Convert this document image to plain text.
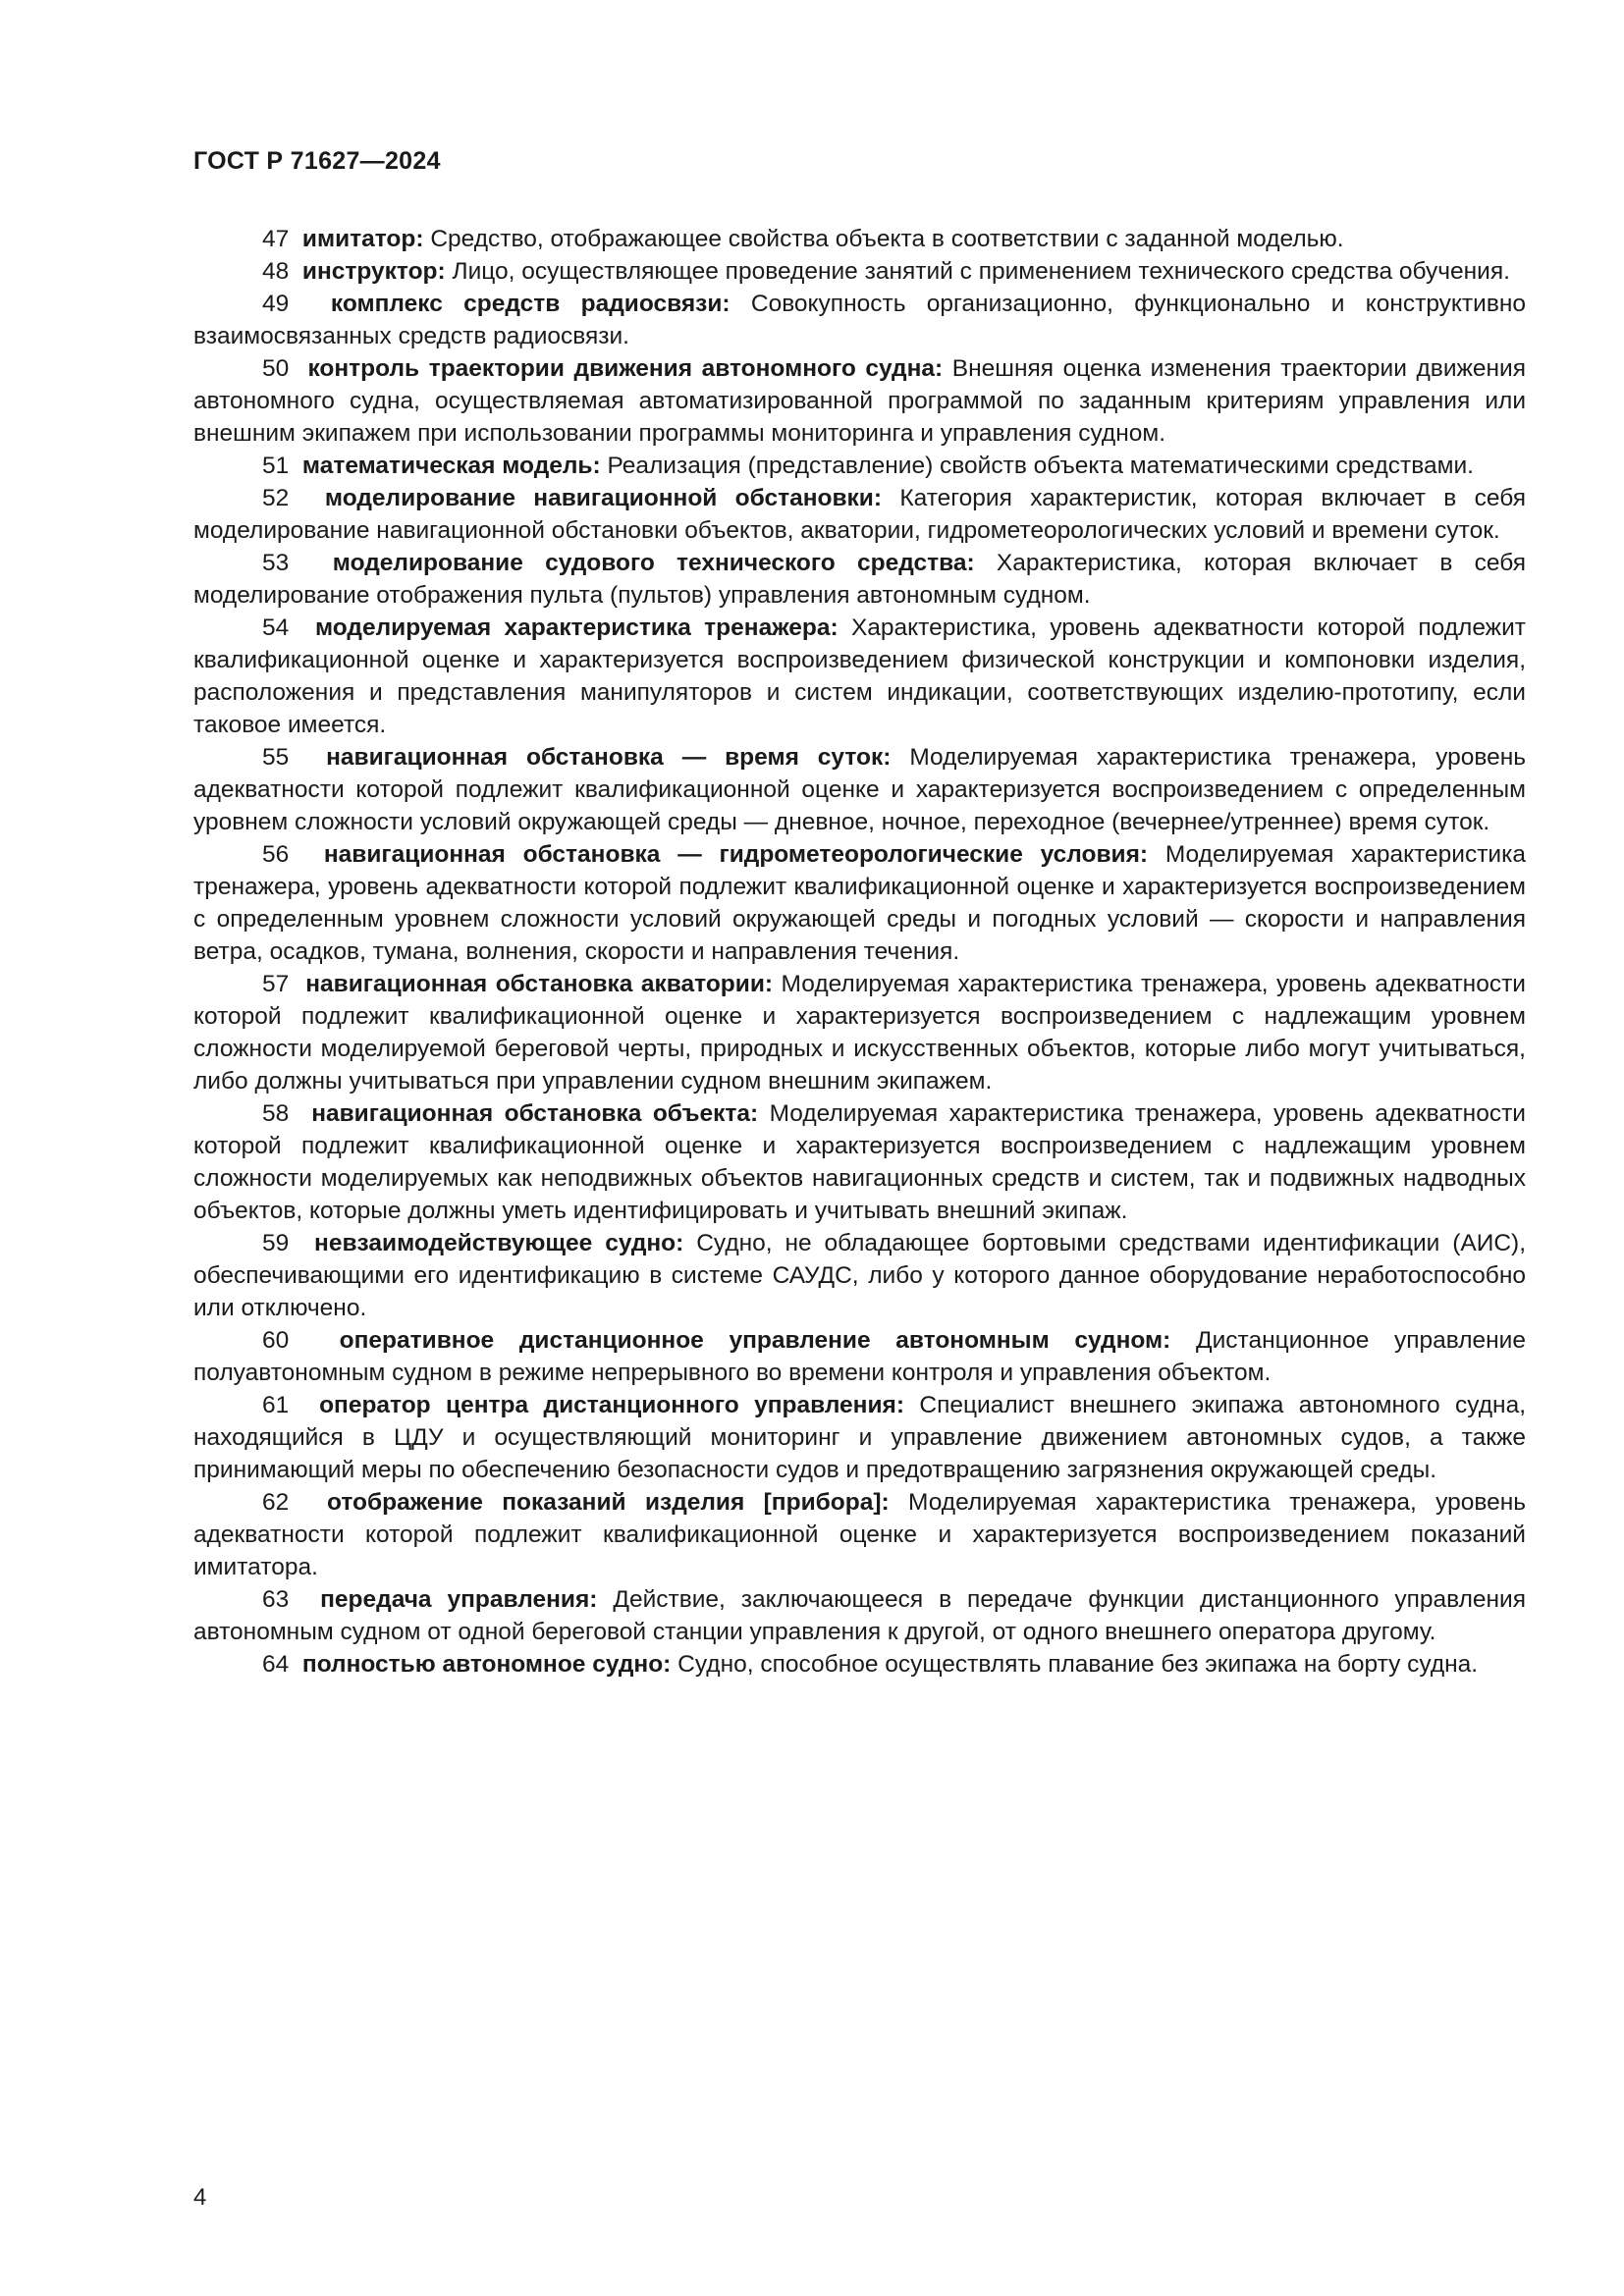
ГОСТ Р 71627—2024

47 имитатор: Средство, отображающее свойства объекта в соответствии с заданной моделью.

48 инструктор: Лицо, осуществляющее проведение занятий с применением технического средства обучения.

49 комплекс средств радиосвязи: Совокупность организационно, функционально и конструктивно взаимосвязанных средств радиосвязи.

50 контроль траектории движения автономного судна: Внешняя оценка изменения траектории движения автономного судна, осуществляемая автоматизированной программой по заданным критериям управления или внешним экипажем при использовании программы мониторинга и управления судном.

51 математическая модель: Реализация (представление) свойств объекта математическими средствами.

52 моделирование навигационной обстановки: Категория характеристик, которая включает в себя моделирование навигационной обстановки объектов, акватории, гидрометеорологических условий и времени суток.

53 моделирование судового технического средства: Характеристика, которая включает в себя моделирование отображения пульта (пультов) управления автономным судном.

54 моделируемая характеристика тренажера: Характеристика, уровень адекватности которой подлежит квалификационной оценке и характеризуется воспроизведением физической конструкции и компоновки изделия, расположения и представления манипуляторов и систем индикации, соответствующих изделию-прототипу, если таковое имеется.

55 навигационная обстановка — время суток: Моделируемая характеристика тренажера, уровень адекватности которой подлежит квалификационной оценке и характеризуется воспроизведением с определенным уровнем сложности условий окружающей среды — дневное, ночное, переходное (вечернее/утреннее) время суток.

56 навигационная обстановка — гидрометеорологические условия: Моделируемая характеристика тренажера, уровень адекватности которой подлежит квалификационной оценке и характеризуется воспроизведением с определенным уровнем сложности условий окружающей среды и погодных условий — скорости и направления ветра, осадков, тумана, волнения, скорости и направления течения.

57 навигационная обстановка акватории: Моделируемая характеристика тренажера, уровень адекватности которой подлежит квалификационной оценке и характеризуется воспроизведением с надлежащим уровнем сложности моделируемой береговой черты, природных и искусственных объектов, которые либо могут учитываться, либо должны учитываться при управлении судном внешним экипажем.

58 навигационная обстановка объекта: Моделируемая характеристика тренажера, уровень адекватности которой подлежит квалификационной оценке и характеризуется воспроизведением с надлежащим уровнем сложности моделируемых как неподвижных объектов навигационных средств и систем, так и подвижных надводных объектов, которые должны уметь идентифицировать и учитывать внешний экипаж.

59 невзаимодействующее судно: Судно, не обладающее бортовыми средствами идентификации (АИС), обеспечивающими его идентификацию в системе САУДС, либо у которого данное оборудование неработоспособно или отключено.

60 оперативное дистанционное управление автономным судном: Дистанционное управление полуавтономным судном в режиме непрерывного во времени контроля и управления объектом.

61 оператор центра дистанционного управления: Специалист внешнего экипажа автономного судна, находящийся в ЦДУ и осуществляющий мониторинг и управление движением автономных судов, а также принимающий меры по обеспечению безопасности судов и предотвращению загрязнения окружающей среды.

62 отображение показаний изделия [прибора]: Моделируемая характеристика тренажера, уровень адекватности которой подлежит квалификационной оценке и характеризуется воспроизведением показаний имитатора.

63 передача управления: Действие, заключающееся в передаче функции дистанционного управления автономным судном от одной береговой станции управления к другой, от одного внешнего оператора другому.

64 полностью автономное судно: Судно, способное осуществлять плавание без экипажа на борту судна.

4
